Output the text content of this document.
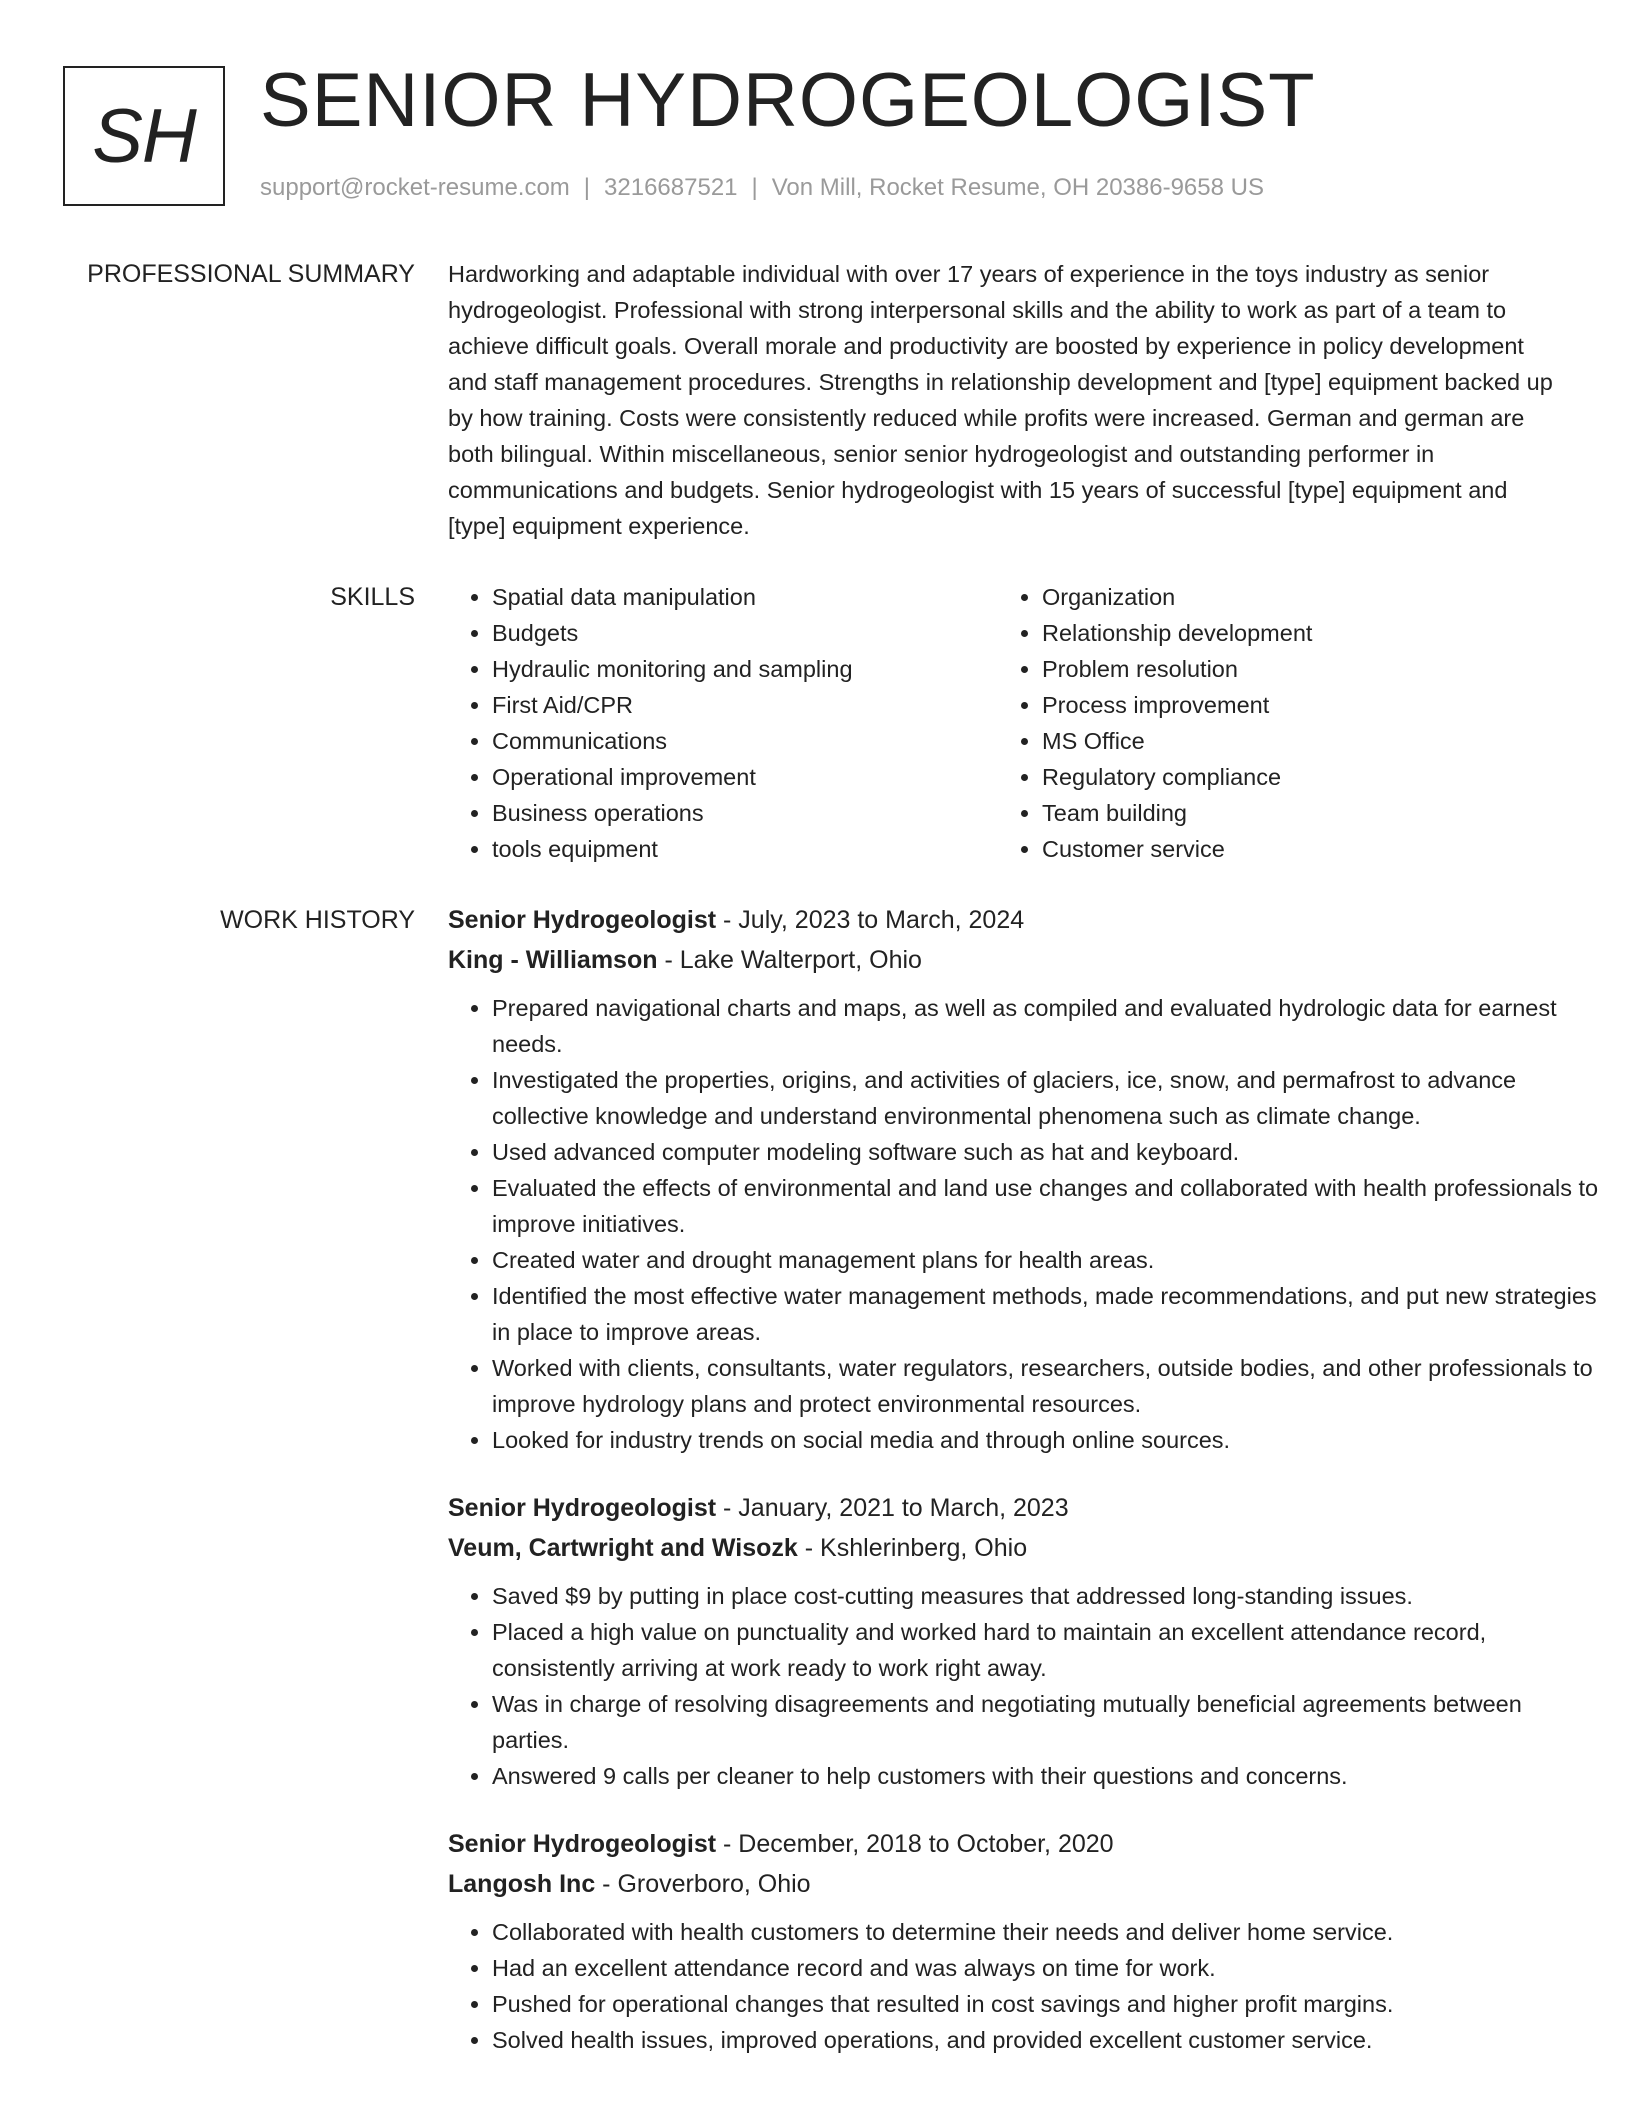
SH SENIOR HYDROGEOLOGIST
support@rocket-resume.com | 3216687521 | Von Mill, Rocket Resume, OH 20386-9658 US
PROFESSIONAL SUMMARY Hardworking and adaptable individual with over 17 years of experience in the toys industry as senior hydrogeologist. Professional with strong interpersonal skills and the ability to work as part of a team to achieve difficult goals. Overall morale and productivity are boosted by experience in policy development and staff management procedures. Strengths in relationship development and [type] equipment backed up by how training. Costs were consistently reduced while profits were increased. German and german are both bilingual. Within miscellaneous, senior senior hydrogeologist and outstanding performer in communications and budgets. Senior hydrogeologist with 15 years of successful [type] equipment and [type] equipment experience.

SKILLS
•	Spatial data manipulation
• Budgets
• Hydraulic monitoring and sampling
• First Aid/CPR
• Communications
• Operational improvement
• Business operations
• tools equipment
• Organization
• Relationship development
• Problem resolution
• Process improvement
• MS Office
• Regulatory compliance
• Team building
• Customer service
WORK HISTORY Senior Hydrogeologist - July, 2023 to March, 2024
King - Williamson - Lake Walterport, Ohio
• Prepared navigational charts and maps, as well as compiled and evaluated hydrologic data for earnest needs.
• Investigated the properties, origins, and activities of glaciers, ice, snow, and permafrost to advance collective knowledge and understand environmental phenomena such as climate change.
• Used advanced computer modeling software such as hat and keyboard.
• Evaluated the effects of environmental and land use changes and collaborated with health professionals to improve initiatives.
• Created water and drought management plans for health areas.
• Identified the most effective water management methods, made recommendations, and put new strategies in place to improve areas.
• Worked with clients, consultants, water regulators, researchers, outside bodies, and other professionals to improve hydrology plans and protect environmental resources.
• Looked for industry trends on social media and through online sources.
Senior Hydrogeologist - January, 2021 to March, 2023
Veum, Cartwright and Wisozk - Kshlerinberg, Ohio
• Saved $9 by putting in place cost-cutting measures that addressed long-standing issues.
• Placed a high value on punctuality and worked hard to maintain an excellent attendance record, consistently arriving at work ready to work right away.
• Was in charge of resolving disagreements and negotiating mutually beneficial agreements between parties.
• Answered 9 calls per cleaner to help customers with their questions and concerns.
Senior Hydrogeologist - December, 2018 to October, 2020
Langosh Inc - Groverboro, Ohio
• Collaborated with health customers to determine their needs and deliver home service.
• Had an excellent attendance record and was always on time for work.
• Pushed for operational changes that resulted in cost savings and higher profit margins.
• Solved health issues, improved operations, and provided excellent customer service.
